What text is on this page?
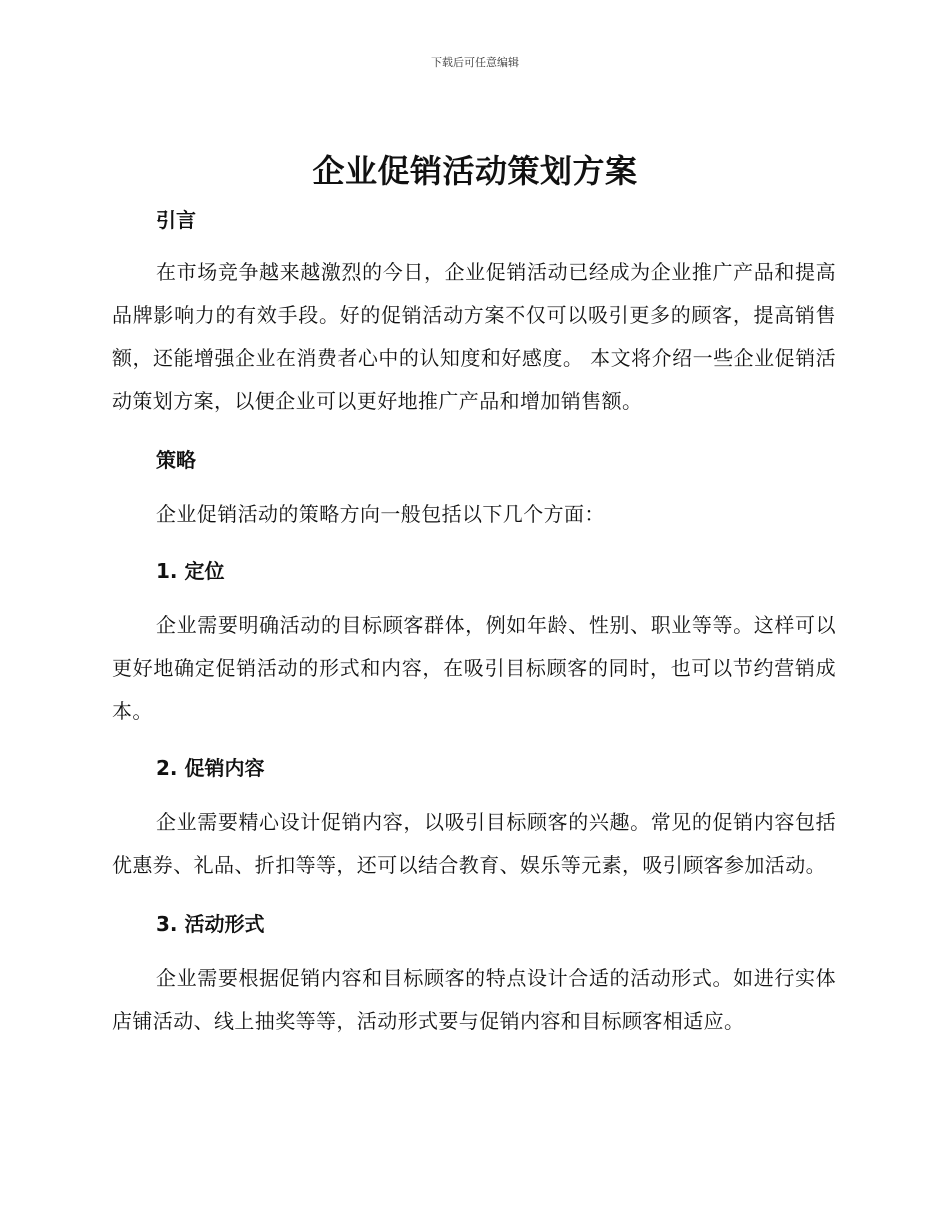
下载后可任意编辑
企业促销活动策划方案
引言

在市场竞争越来越激烈的今日，企业促销活动已经成为企业推广产品和提高品牌影响力的有效手段。好的促销活动方案不仅可以吸引更多的顾客，提高销售额，还能增强企业在消费者心中的认知度和好感度。 本文将介绍一些企业促销活动策划方案，以便企业可以更好地推广产品和增加销售额。

策略

企业促销活动的策略方向一般包括以下几个方面：

1. 定位

企业需要明确活动的目标顾客群体，例如年龄、性别、职业等等。这样可以更好地确定促销活动的形式和内容，在吸引目标顾客的同时，也可以节约营销成本。

2. 促销内容

企业需要精心设计促销内容，以吸引目标顾客的兴趣。常见的促销内容包括优惠券、礼品、折扣等等，还可以结合教育、娱乐等元素，吸引顾客参加活动。

3. 活动形式

企业需要根据促销内容和目标顾客的特点设计合适的活动形式。如进行实体店铺活动、线上抽奖等等，活动形式要与促销内容和目标顾客相适应。
